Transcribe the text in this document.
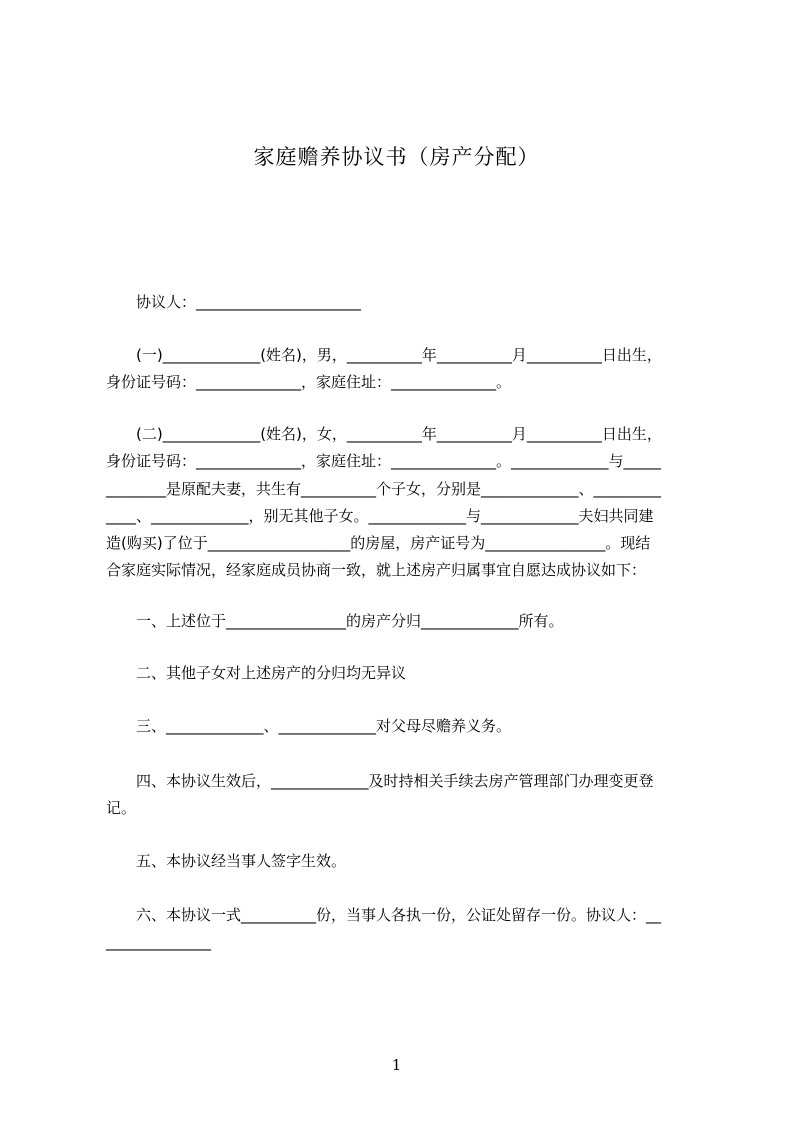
家庭赡养协议书（房产分配）
协议人：______________________
(一)_____________(姓名)，男，__________年__________月__________日出生，
身份证号码：______________，家庭住址：______________。
(二)_____________(姓名)，女，__________年__________月__________日出生，
身份证号码：______________，家庭住址：______________。_____________与_____
________是原配夫妻，共生有__________个子女，分别是_____________、_________
____、_____________，别无其他子女。_____________与_____________夫妇共同建
造(购买)了位于___________________的房屋，房产证号为________________。现结
合家庭实际情况，经家庭成员协商一致，就上述房产归属事宜自愿达成协议如下：
一、上述位于________________的房产分归_____________所有。
二、其他子女对上述房产的分归均无异议
三、_____________、_____________对父母尽赡养义务。
四、本协议生效后，_____________及时持相关手续去房产管理部门办理变更登
记。
五、本协议经当事人签字生效。
六、本协议一式__________份，当事人各执一份，公证处留存一份。协议人：__
______________
1
